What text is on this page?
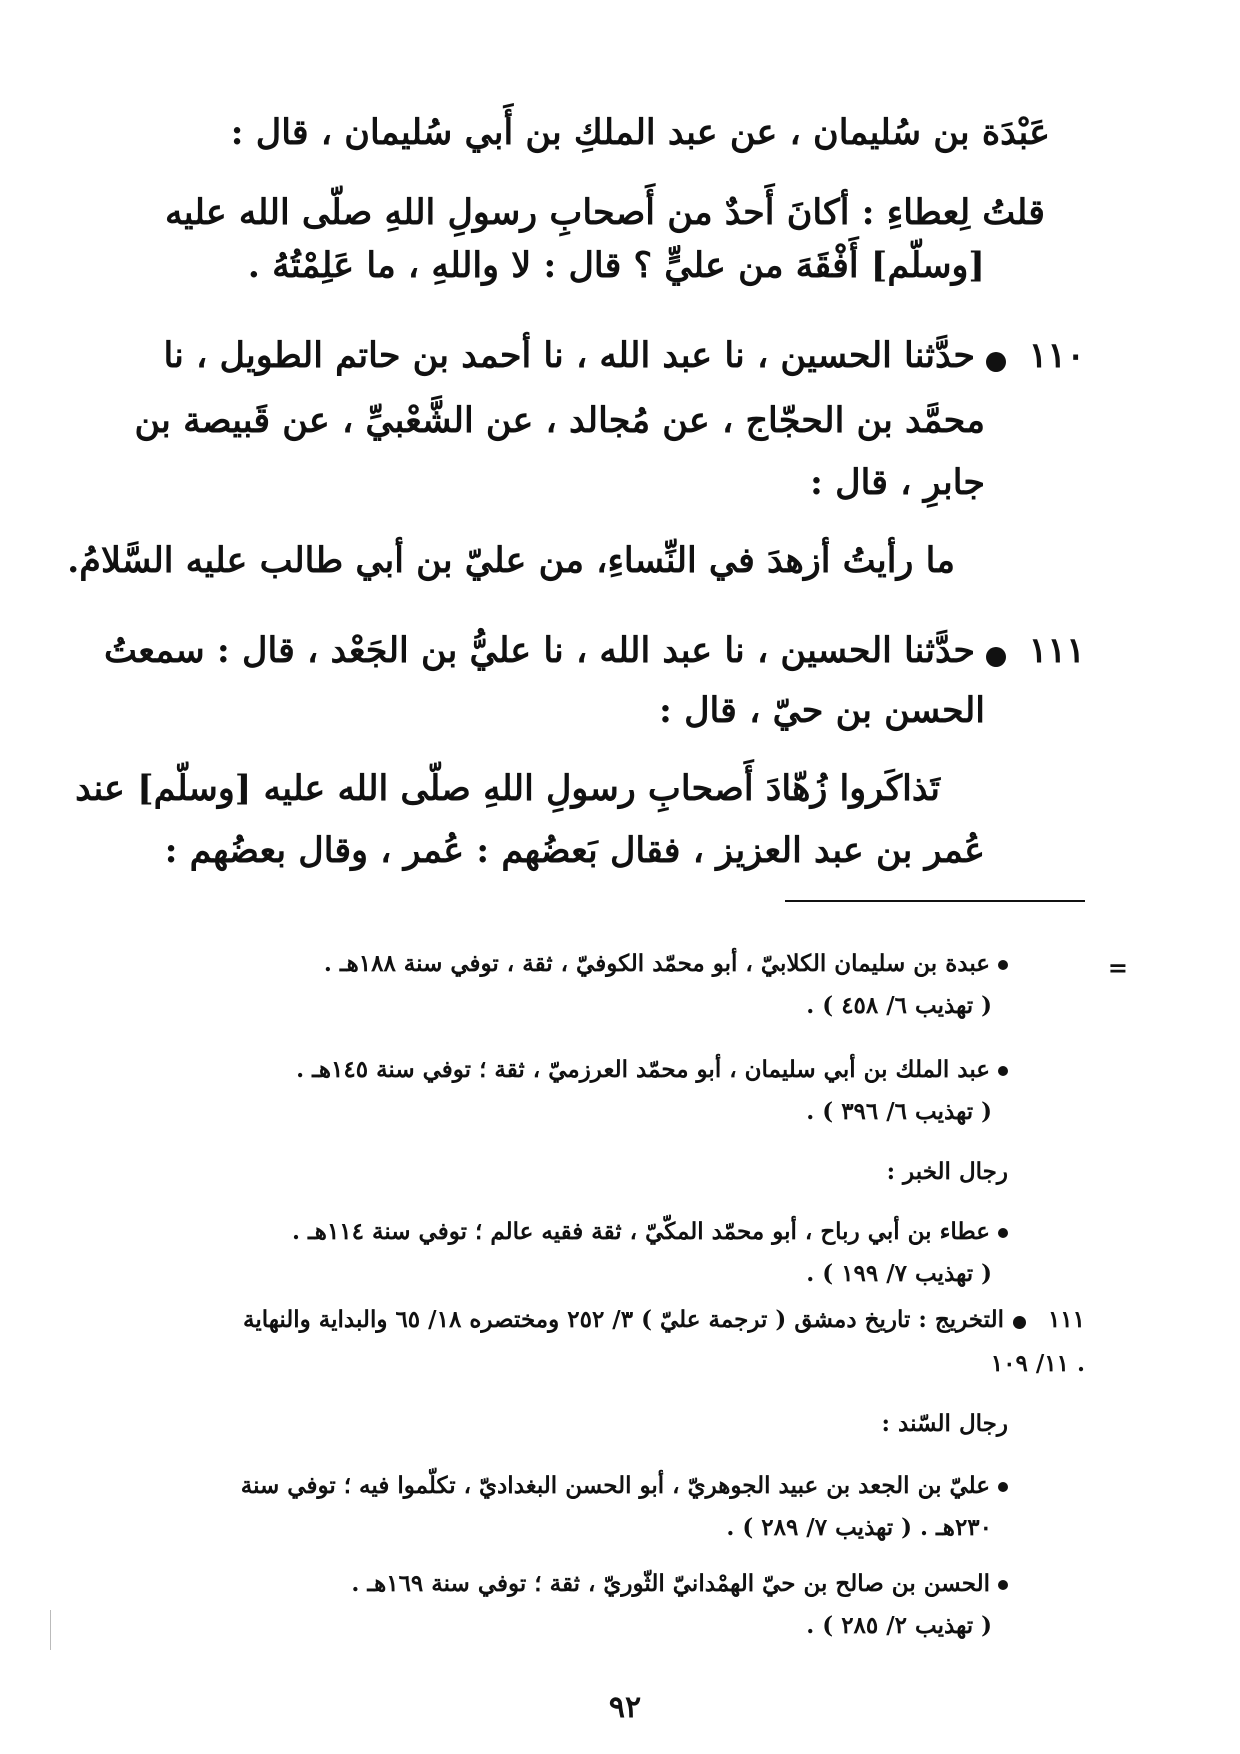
عَبْدَة بن سُليمان ، عن عبد الملكِ بن أَبي سُليمان ، قال :
قلتُ لِعطاءِ : أكانَ أَحدٌ من أَصحابِ رسولِ اللهِ صلّى الله عليه
[وسلّم] أَفْقَهَ من عليٍّ ؟ قال : لا واللهِ ، ما عَلِمْتُهُ .
١١٠
حدَّثنا الحسين ، نا عبد الله ، نا أحمد بن حاتم الطويل ، نا
محمَّد بن الحجّاج ، عن مُجالد ، عن الشَّعْبيِّ ، عن قَبيصة بن
جابرِ ، قال :
ما رأيتُ أزهدَ في النِّساءِ، من عليّ بن أبي طالب عليه السَّلامُ.
١١١
حدَّثنا الحسين ، نا عبد الله ، نا عليُّ بن الجَعْد ، قال : سمعتُ
الحسن بن حيّ ، قال :
تَذاكَروا زُهّادَ أَصحابِ رسولِ اللهِ صلّى الله عليه [وسلّم] عند
عُمر بن عبد العزيز ، فقال بَعضُهم : عُمر ، وقال بعضُهم :
=
عبدة بن سليمان الكلابيّ ، أبو محمّد الكوفيّ ، ثقة ، توفي سنة ١٨٨هـ .
( تهذيب ٦/ ٤٥٨ ) .
عبد الملك بن أبي سليمان ، أبو محمّد العرزميّ ، ثقة ؛ توفي سنة ١٤٥هـ .
( تهذيب ٦/ ٣٩٦ ) .
رجال الخبر :
عطاء بن أبي رباح ، أبو محمّد المكّيّ ، ثقة فقيه عالم ؛ توفي سنة ١١٤هـ .
( تهذيب ٧/ ١٩٩ ) .
١١١
التخريج : تاريخ دمشق ( ترجمة عليّ ) ٣/ ٢٥٢ ومختصره ١٨/ ٦٥ والبداية والنهاية
١١/ ١٠٩ .
رجال السّند :
عليّ بن الجعد بن عبيد الجوهريّ ، أبو الحسن البغداديّ ، تكلّموا فيه ؛ توفي سنة
٢٣٠هـ . ( تهذيب ٧/ ٢٨٩ ) .
الحسن بن صالح بن حيّ الهمْدانيّ الثّوريّ ، ثقة ؛ توفي سنة ١٦٩هـ .
( تهذيب ٢/ ٢٨٥ ) .
٩٢
